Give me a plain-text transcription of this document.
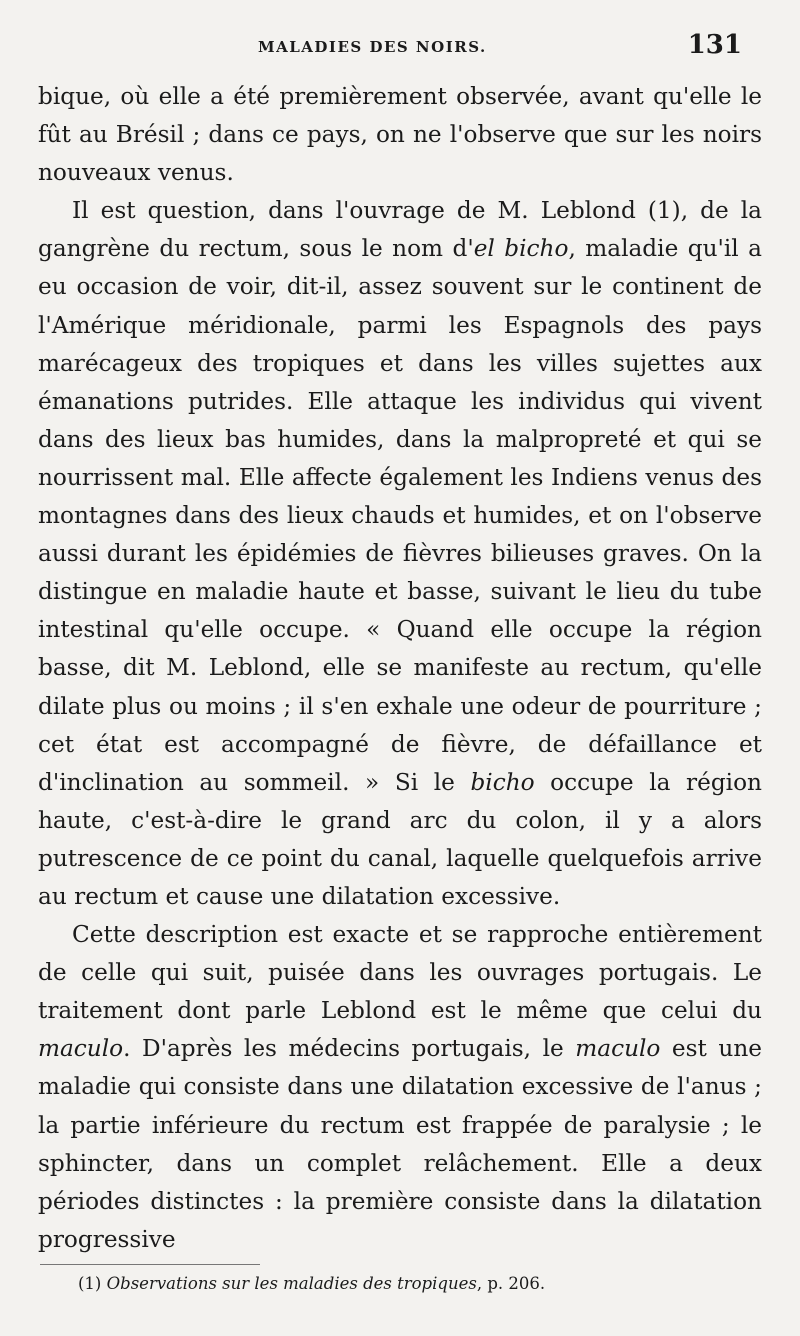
MALADIES DES NOIRS.	131

bique, où elle a été premièrement observée, avant qu'elle le fût au Brésil ; dans ce pays, on ne l'observe que sur les noirs nouveaux venus.

Il est question, dans l'ouvrage de M. Leblond (1), de la gangrène du rectum, sous le nom d'el bicho, maladie qu'il a eu occasion de voir, dit-il, assez souvent sur le continent de l'Amérique méridionale, parmi les Espagnols des pays marécageux des tropiques et dans les villes sujettes aux émanations putrides. Elle attaque les individus qui vivent dans des lieux bas humides, dans la malpropreté et qui se nourrissent mal. Elle affecte également les Indiens venus des montagnes dans des lieux chauds et humides, et on l'observe aussi durant les épidémies de fièvres bilieuses graves. On la distingue en maladie haute et basse, suivant le lieu du tube intestinal qu'elle occupe. « Quand elle occupe la région basse, dit M. Leblond, elle se manifeste au rectum, qu'elle dilate plus ou moins ; il s'en exhale une odeur de pourriture ; cet état est accompagné de fièvre, de défaillance et d'inclination au sommeil. » Si le bicho occupe la région haute, c'est-à-dire le grand arc du colon, il y a alors putrescence de ce point du canal, laquelle quelquefois arrive au rectum et cause une dilatation excessive.

Cette description est exacte et se rapproche entièrement de celle qui suit, puisée dans les ouvrages portugais. Le traitement dont parle Leblond est le même que celui du maculo. D'après les médecins portugais, le maculo est une maladie qui consiste dans une dilatation excessive de l'anus ; la partie inférieure du rectum est frappée de paralysie ; le sphincter, dans un complet relâchement. Elle a deux périodes distinctes : la première consiste dans la dilatation progressive

(1) Observations sur les maladies des tropiques, p. 206.
